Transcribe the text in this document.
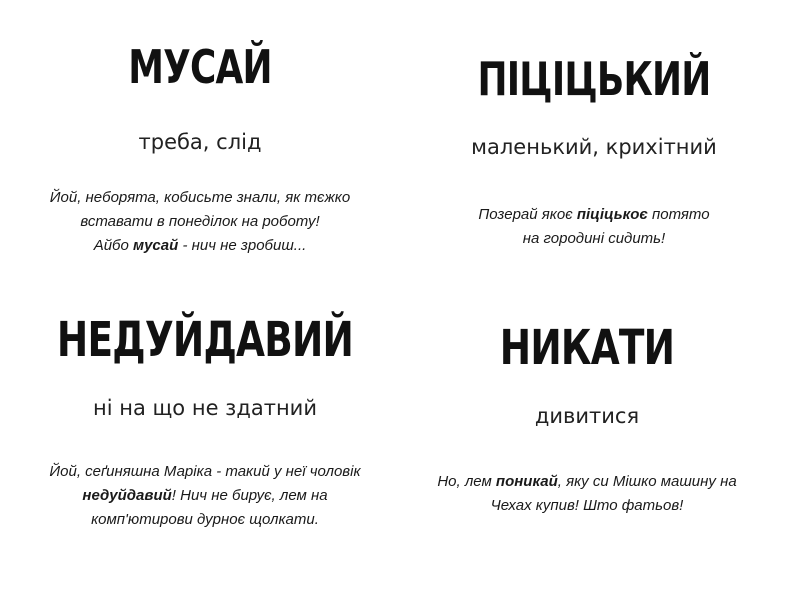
МУСАЙ
треба, слід
Йой, неборята, кобисьте знали, як тєжко
вставати в понеділок на роботу!
Айбо мусай - нич не зробиш...
ПІЦІЦЬКИЙ
маленький, крихітний
Позерай якоє піціцькоє потято
на городині сидить!
НЕДУЙДАВИЙ
ні на що не здатний
Йой, сеґиняшна Маріка - такий у неї чоловік
недуйдавий! Нич не бирує, лем на
комп'ютирови дурноє щолкати.
НИКАТИ
дивитися
Но, лем поникай, яку си Мішко машину на
Чехах купив! Што фатьов!
